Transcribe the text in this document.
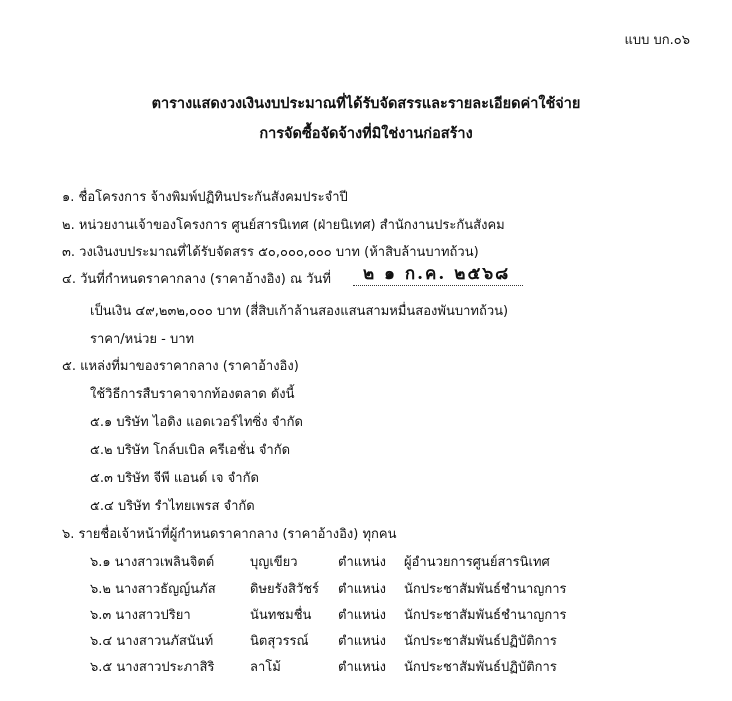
แบบ บก.๐๖
ตารางแสดงวงเงินงบประมาณที่ได้รับจัดสรรและรายละเอียดค่าใช้จ่าย
การจัดซื้อจัดจ้างที่มิใช่งานก่อสร้าง
๑. ชื่อโครงการ จ้างพิมพ์ปฏิทินประกันสังคมประจำปี
๒. หน่วยงานเจ้าของโครงการ ศูนย์สารนิเทศ (ฝ่ายนิเทศ) สำนักงานประกันสังคม
๓. วงเงินงบประมาณที่ได้รับจัดสรร ๕๐,๐๐๐,๐๐๐ บาท (ห้าสิบล้านบาทถ้วน)
๔. วันที่กำหนดราคากลาง (ราคาอ้างอิง) ณ วันที่ ๒ ๑ ก.ค. ๒๕๖๘
เป็นเงิน ๔๙,๒๓๒,๐๐๐ บาท (สี่สิบเก้าล้านสองแสนสามหมื่นสองพันบาทถ้วน)
ราคา/หน่วย - บาท
๕. แหล่งที่มาของราคากลาง (ราคาอ้างอิง)
ใช้วิธีการสืบราคาจากท้องตลาด ดังนี้
๕.๑ บริษัท ไอดิง แอดเวอร์ไทซิ่ง จำกัด
๕.๒ บริษัท โกล์บเบิล ครีเอชั่น จำกัด
๕.๓ บริษัท จีพี แอนด์ เจ จำกัด
๕.๔ บริษัท รำไทยเพรส จำกัด
๖. รายชื่อเจ้าหน้าที่ผู้กำหนดราคากลาง (ราคาอ้างอิง) ทุกคน
๖.๑ นางสาวเพลินจิตต์	บุญเขียว	ตำแหน่ง ผู้อำนวยการศูนย์สารนิเทศ
๖.๒ นางสาวธัญญ์นภัส	ดิษยรังสิวัชร์ ตำแหน่ง นักประชาสัมพันธ์ชำนาญการ
๖.๓ นางสาวปริยา	นันทชมชื่น ตำแหน่ง นักประชาสัมพันธ์ชำนาญการ
๖.๔ นางสาวนภัสนันท์	นิตสุวรรณ์ ตำแหน่ง นักประชาสัมพันธ์ปฏิบัติการ
๖.๕ นางสาวประภาสิริ	ลาโม้	ตำแหน่ง นักประชาสัมพันธ์ปฏิบัติการ
